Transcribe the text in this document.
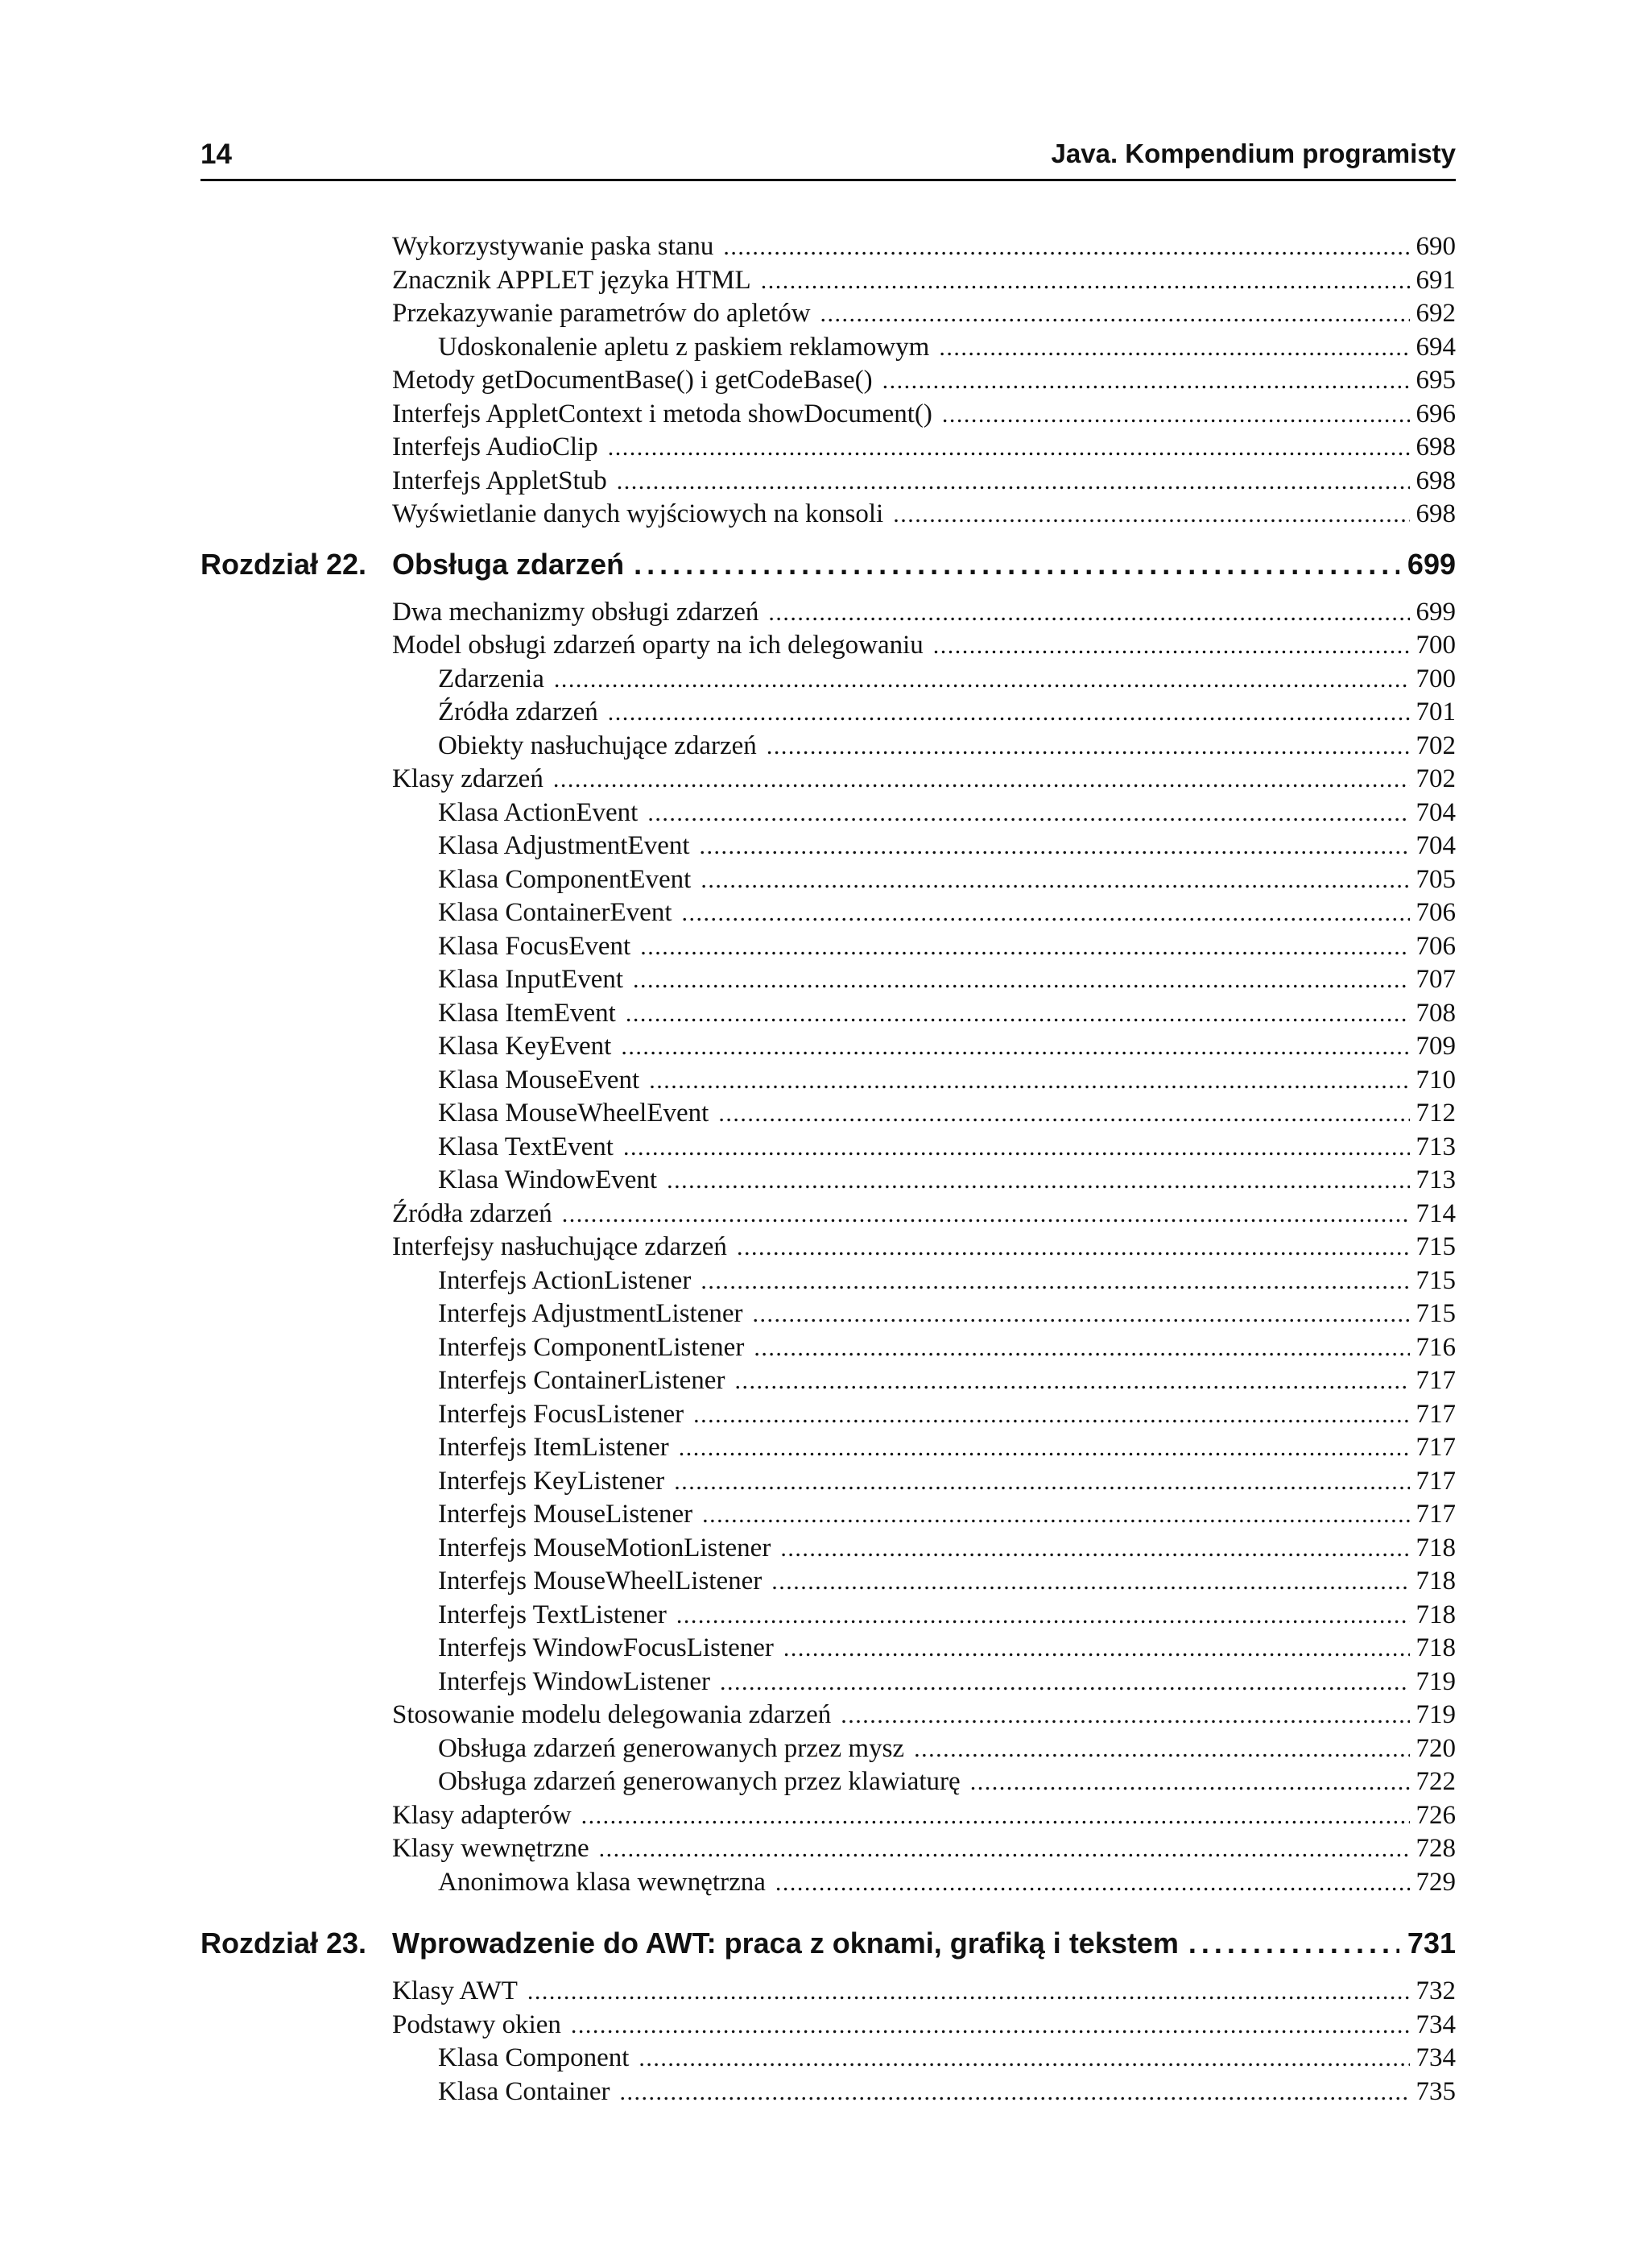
14	Java. Kompendium programisty
Wykorzystywanie paska stanu . . .	690
Znacznik APPLET języka HTML . . .	691
Przekazywanie parametrów do apletów . . .	692
Udoskonalenie apletu z paskiem reklamowym . . .	694
Metody getDocumentBase() i getCodeBase() . . .	695
Interfejs AppletContext i metoda showDocument() . . .	696
Interfejs AudioClip . . .	698
Interfejs AppletStub . . .	698
Wyświetlanie danych wyjściowych na konsoli . . .	698
Rozdział 22. Obsługa zdarzeń . . .	699
Dwa mechanizmy obsługi zdarzeń . . .	699
Model obsługi zdarzeń oparty na ich delegowaniu . . .	700
Zdarzenia . . .	700
Źródła zdarzeń . . .	701
Obiekty nasłuchujące zdarzeń . . .	702
Klasy zdarzeń . . .	702
Klasa ActionEvent . . .	704
Klasa AdjustmentEvent . . .	704
Klasa ComponentEvent . . .	705
Klasa ContainerEvent . . .	706
Klasa FocusEvent . . .	706
Klasa InputEvent . . .	707
Klasa ItemEvent . . .	708
Klasa KeyEvent . . .	709
Klasa MouseEvent . . .	710
Klasa MouseWheelEvent . . .	712
Klasa TextEvent . . .	713
Klasa WindowEvent . . .	713
Źródła zdarzeń . . .	714
Interfejsy nasłuchujące zdarzeń . . .	715
Interfejs ActionListener . . .	715
Interfejs AdjustmentListener . . .	715
Interfejs ComponentListener . . .	716
Interfejs ContainerListener . . .	717
Interfejs FocusListener . . .	717
Interfejs ItemListener . . .	717
Interfejs KeyListener . . .	717
Interfejs MouseListener . . .	717
Interfejs MouseMotionListener . . .	718
Interfejs MouseWheelListener . . .	718
Interfejs TextListener . . .	718
Interfejs WindowFocusListener . . .	718
Interfejs WindowListener . . .	719
Stosowanie modelu delegowania zdarzeń . . .	719
Obsługa zdarzeń generowanych przez mysz . . .	720
Obsługa zdarzeń generowanych przez klawiaturę . . .	722
Klasy adapterów . . .	726
Klasy wewnętrzne . . .	728
Anonimowa klasa wewnętrzna . . .	729
Rozdział 23. Wprowadzenie do AWT: praca z oknami, grafiką i tekstem . . .	731
Klasy AWT . . .	732
Podstawy okien . . .	734
Klasa Component . . .	734
Klasa Container . . .	735
